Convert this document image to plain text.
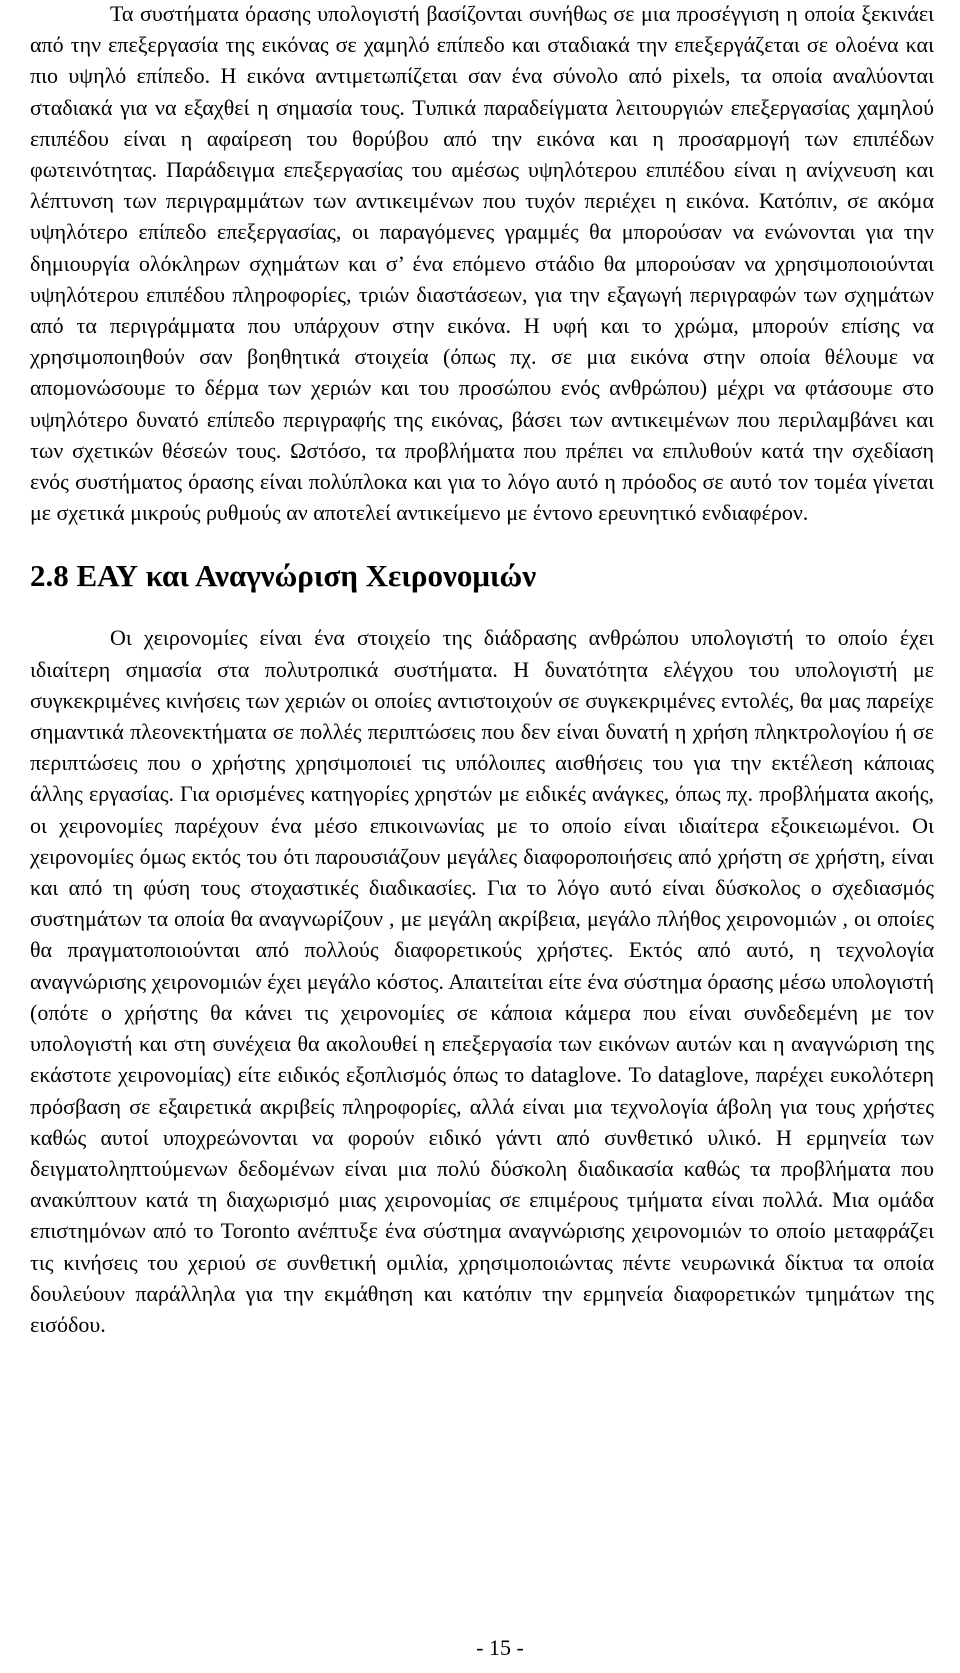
Τα συστήματα όρασης υπολογιστή βασίζονται συνήθως σε μια προσέγγιση η οποία ξεκινάει από την επεξεργασία της εικόνας σε χαμηλό επίπεδο και σταδιακά την επεξεργάζεται σε ολοένα και πιο υψηλό επίπεδο. Η εικόνα αντιμετωπίζεται σαν ένα σύνολο από pixels, τα οποία αναλύονται σταδιακά για να εξαχθεί η σημασία τους. Τυπικά παραδείγματα λειτουργιών επεξεργασίας χαμηλού επιπέδου είναι η αφαίρεση του θορύβου από την εικόνα και η προσαρμογή των επιπέδων φωτεινότητας. Παράδειγμα επεξεργασίας του αμέσως υψηλότερου επιπέδου είναι η ανίχνευση και λέπτυνση των περιγραμμάτων των αντικειμένων που τυχόν περιέχει η εικόνα. Κατόπιν, σε ακόμα υψηλότερο επίπεδο επεξεργασίας, οι παραγόμενες γραμμές θα μπορούσαν να ενώνονται για την δημιουργία ολόκληρων σχημάτων και σ’ ένα επόμενο στάδιο θα μπορούσαν να χρησιμοποιούνται υψηλότερου επιπέδου πληροφορίες, τριών διαστάσεων, για την εξαγωγή περιγραφών των σχημάτων από τα περιγράμματα που υπάρχουν στην εικόνα. Η υφή και το χρώμα, μπορούν επίσης να χρησιμοποιηθούν σαν βοηθητικά στοιχεία (όπως πχ. σε μια εικόνα στην οποία θέλουμε να απομονώσουμε το δέρμα των χεριών και του προσώπου ενός ανθρώπου) μέχρι να φτάσουμε στο υψηλότερο δυνατό επίπεδο περιγραφής της εικόνας, βάσει των αντικειμένων που περιλαμβάνει και των σχετικών θέσεών τους. Ωστόσο, τα προβλήματα που πρέπει να επιλυθούν κατά την σχεδίαση ενός συστήματος όρασης είναι πολύπλοκα και για το λόγο αυτό η πρόοδος σε αυτό τον τομέα γίνεται με σχετικά μικρούς ρυθμούς αν αποτελεί αντικείμενο με έντονο ερευνητικό ενδιαφέρον.

2.8 ΕΑΥ και Αναγνώριση Χειρονομιών

Οι χειρονομίες είναι ένα στοιχείο της διάδρασης ανθρώπου υπολογιστή το οποίο έχει ιδιαίτερη σημασία στα πολυτροπικά συστήματα. Η δυνατότητα ελέγχου του υπολογιστή με συγκεκριμένες κινήσεις των χεριών οι οποίες αντιστοιχούν σε συγκεκριμένες εντολές, θα μας παρείχε σημαντικά πλεονεκτήματα σε πολλές περιπτώσεις που δεν είναι δυνατή η χρήση πληκτρολογίου ή σε περιπτώσεις που ο χρήστης χρησιμοποιεί τις υπόλοιπες αισθήσεις του για την εκτέλεση κάποιας άλλης εργασίας. Για ορισμένες κατηγορίες χρηστών με ειδικές ανάγκες, όπως πχ. προβλήματα ακοής, οι χειρονομίες παρέχουν ένα μέσο επικοινωνίας με το οποίο είναι ιδιαίτερα εξοικειωμένοι. Οι χειρονομίες όμως εκτός του ότι παρουσιάζουν μεγάλες διαφοροποιήσεις από χρήστη σε χρήστη, είναι και από τη φύση τους στοχαστικές διαδικασίες. Για το λόγο αυτό είναι δύσκολος ο σχεδιασμός συστημάτων τα οποία θα αναγνωρίζουν , με μεγάλη ακρίβεια, μεγάλο πλήθος χειρονομιών , οι οποίες θα πραγματοποιούνται από πολλούς διαφορετικούς χρήστες. Εκτός από αυτό, η τεχνολογία αναγνώρισης χειρονομιών έχει μεγάλο κόστος. Απαιτείται είτε ένα σύστημα όρασης μέσω υπολογιστή (οπότε ο χρήστης θα κάνει τις χειρονομίες σε κάποια κάμερα που είναι συνδεδεμένη με τον υπολογιστή και στη συνέχεια θα ακολουθεί η επεξεργασία των εικόνων αυτών και η αναγνώριση της εκάστοτε χειρονομίας) είτε ειδικός εξοπλισμός όπως το dataglove. Το dataglove, παρέχει ευκολότερη πρόσβαση σε εξαιρετικά ακριβείς πληροφορίες, αλλά είναι μια τεχνολογία άβολη για τους χρήστες καθώς αυτοί υποχρεώνονται να φορούν ειδικό γάντι από συνθετικό υλικό. Η ερμηνεία των δειγματοληπτούμενων δεδομένων είναι μια πολύ δύσκολη διαδικασία καθώς τα προβλήματα που ανακύπτουν κατά τη διαχωρισμό μιας χειρονομίας σε επιμέρους τμήματα είναι πολλά. Μια ομάδα επιστημόνων από το Toronto ανέπτυξε ένα σύστημα αναγνώρισης χειρονομιών το οποίο μεταφράζει τις κινήσεις του χεριού σε συνθετική ομιλία, χρησιμοποιώντας πέντε νευρωνικά δίκτυα τα οποία δουλεύουν παράλληλα για την εκμάθηση και κατόπιν την ερμηνεία διαφορετικών τμημάτων της εισόδου.

- 15 -
